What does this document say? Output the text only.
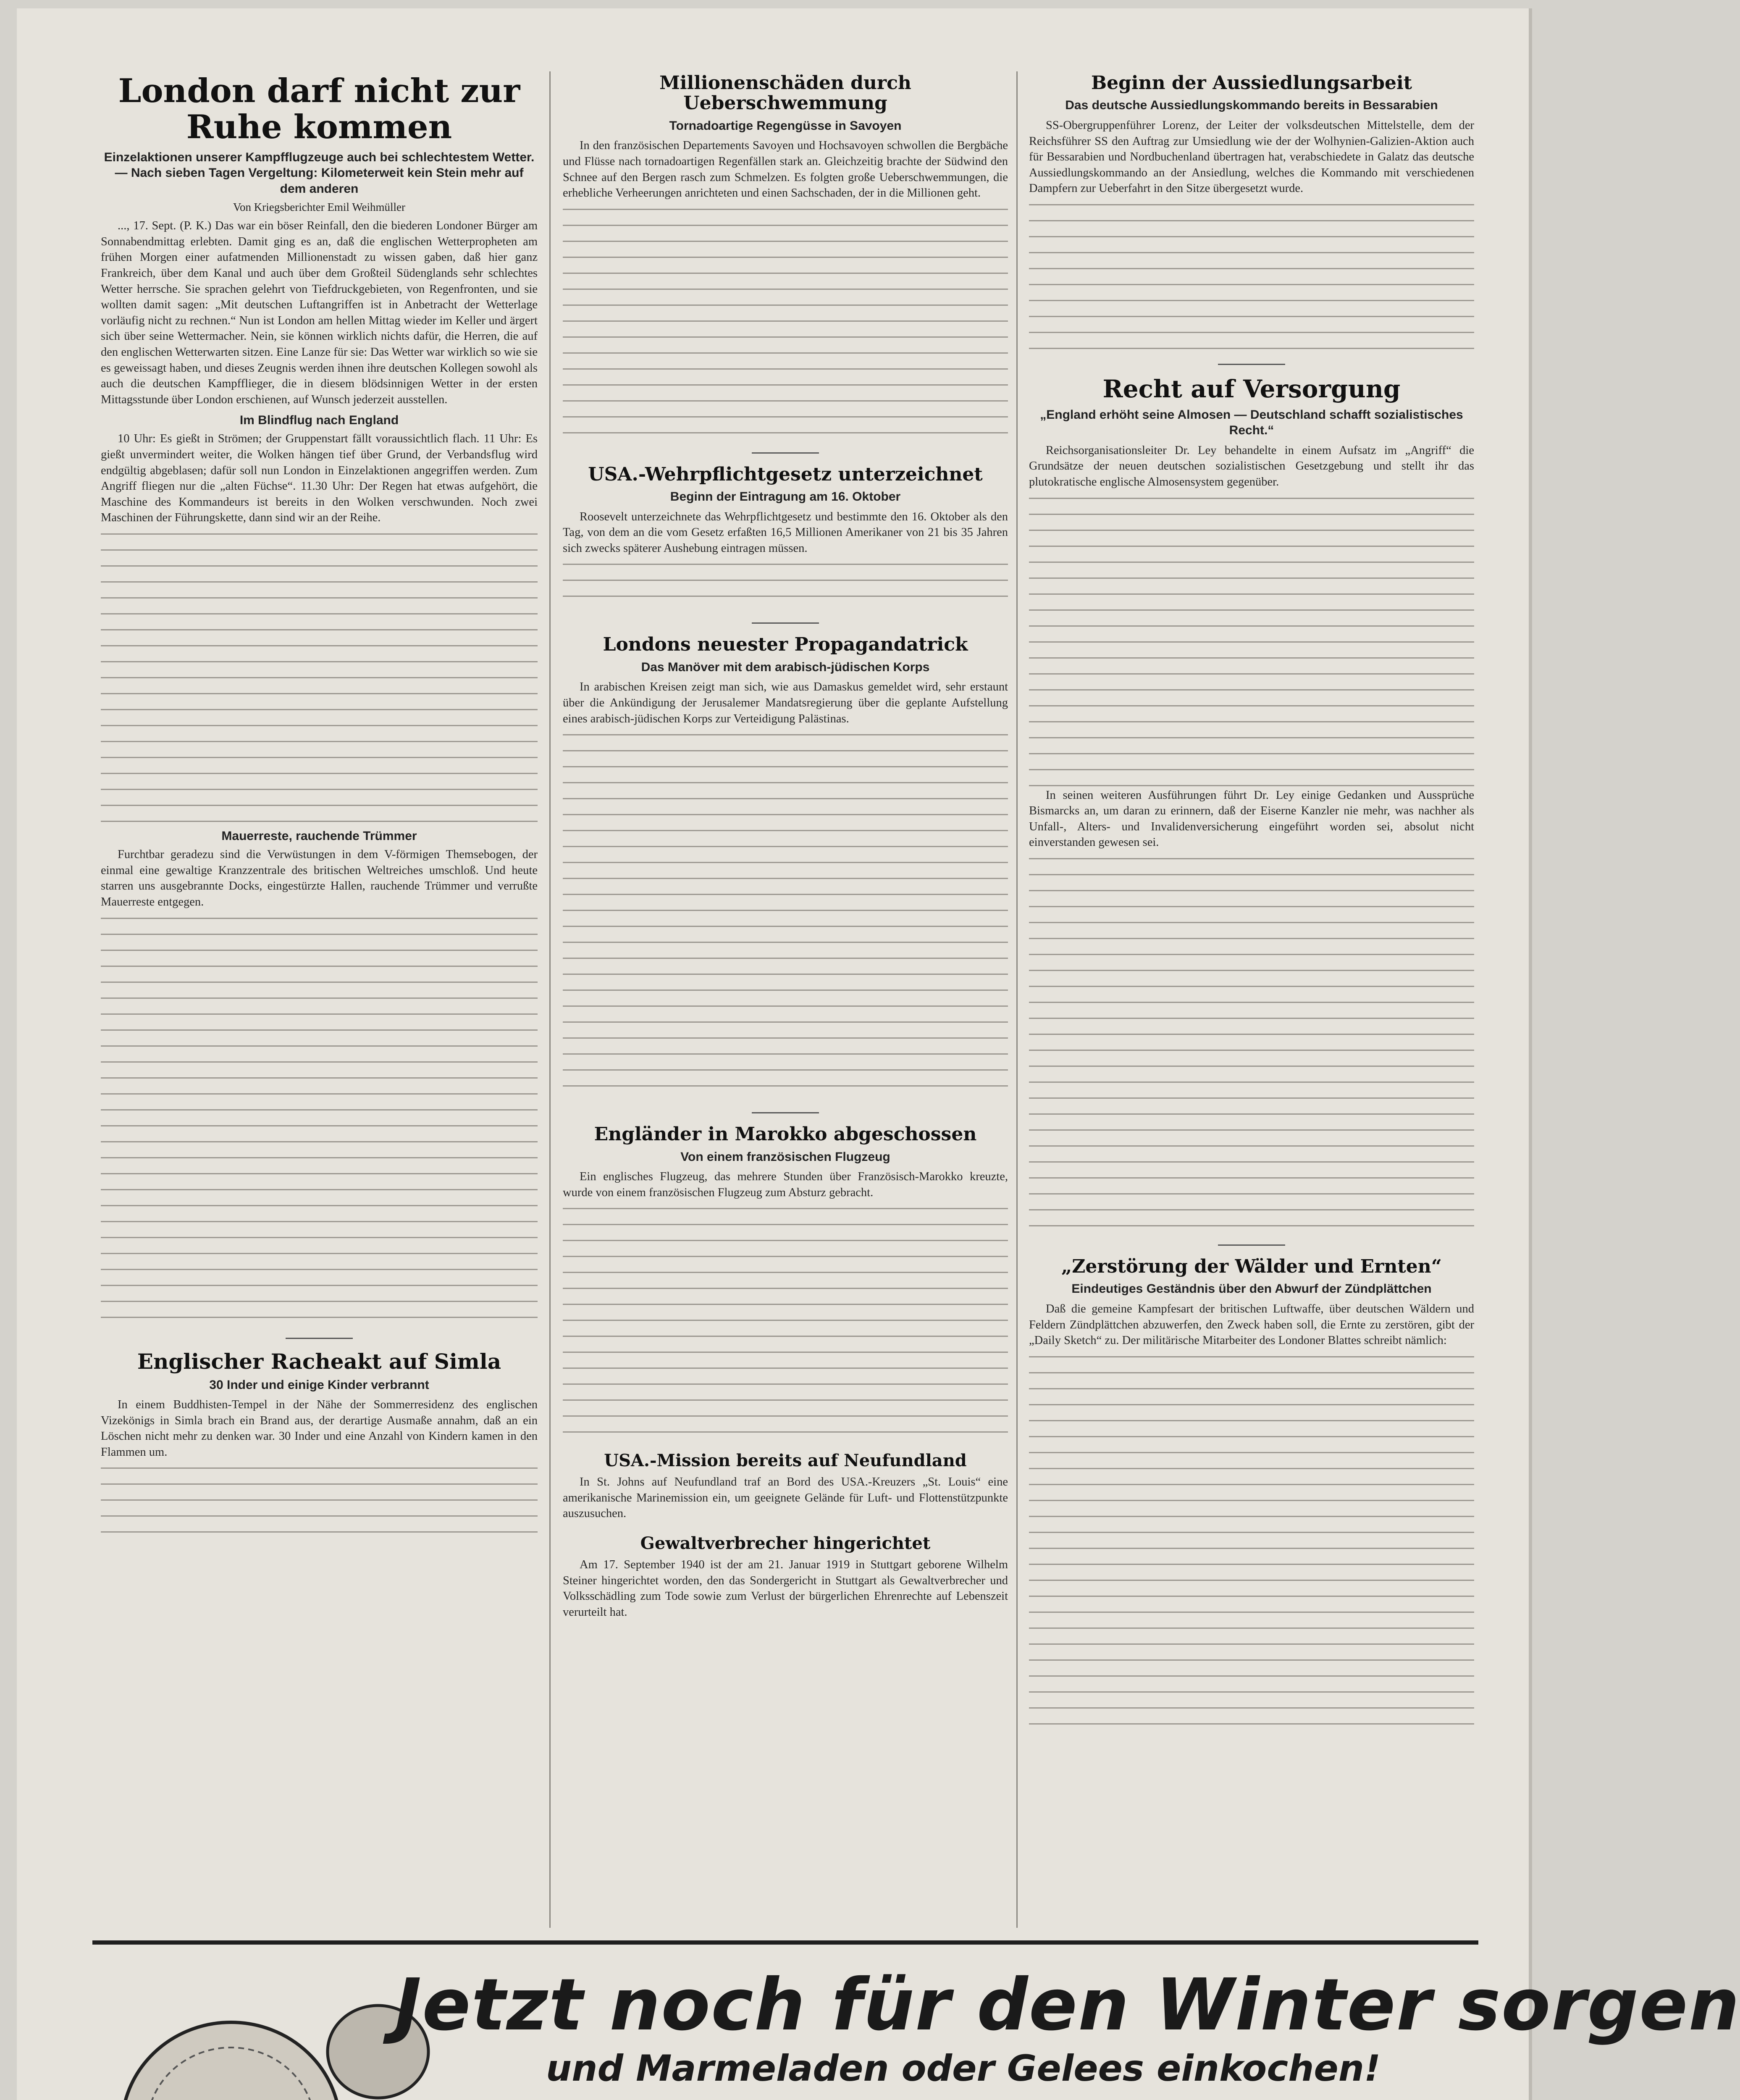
London darf nicht zur Ruhe kommen
Einzelaktionen unserer Kampfflugzeuge auch bei schlechtestem Wetter. — Nach sieben Tagen Vergeltung: Kilometerweit kein Stein mehr auf dem anderen
Von Kriegsberichter Emil Weihmüller

..., 17. Sept. (P. K.) Das war ein böser Reinfall, den die biederen Londoner Bürger am Sonnabendmittag erlebten. Damit ging es an, daß die englischen Wetterpropheten am frühen Morgen einer aufatmenden Millionenstadt zu wissen gaben, daß hier ganz Frankreich, über dem Kanal und auch über dem Großteil Südenglands sehr schlechtes Wetter herrsche. Sie sprachen gelehrt von Tiefdruckgebieten, von Regenfronten, und sie wollten damit sagen: „Mit deutschen Luftangriffen ist in Anbetracht der Wetterlage vorläufig nicht zu rechnen.“ Nun ist London am hellen Mittag wieder im Keller und ärgert sich über seine Wettermacher. Nein, sie können wirklich nichts dafür, die Herren, die auf den englischen Wetterwarten sitzen. Eine Lanze für sie: Das Wetter war wirklich so wie sie es geweissagt haben, und dieses Zeugnis werden ihnen ihre deutschen Kollegen sowohl als auch die deutschen Kampfflieger, die in diesem blödsinnigen Wetter in der ersten Mittagsstunde über London erschienen, auf Wunsch jederzeit ausstellen.

Im Blindflug nach England

10 Uhr: Es gießt in Strömen; der Gruppenstart fällt voraussichtlich flach. 11 Uhr: Es gießt unvermindert weiter, die Wolken hängen tief über Grund, der Verbandsflug wird endgültig abgeblasen; dafür soll nun London in Einzelaktionen angegriffen werden. Zum Angriff fliegen nur die „alten Füchse“. 11.30 Uhr: Der Regen hat etwas aufgehört, die Maschine des Kommandeurs ist bereits in den Wolken verschwunden. Noch zwei Maschinen der Führungskette, dann sind wir an der Reihe.

Mauerreste, rauchende Trümmer

Furchtbar geradezu sind die Verwüstungen in dem V-förmigen Themsebogen, der einmal eine gewaltige Kranzzentrale des britischen Weltreiches umschloß. Und heute starren uns ausgebrannte Docks, eingestürzte Hallen, rauchende Trümmer und verrußte Mauerreste entgegen.

Englischer Racheakt auf Simla
30 Inder und einige Kinder verbrannt

In einem Buddhisten-Tempel in der Nähe der Sommerresidenz des englischen Vizekönigs in Simla brach ein Brand aus, der derartige Ausmaße annahm, daß an ein Löschen nicht mehr zu denken war. 30 Inder und eine Anzahl von Kindern kamen in den Flammen um.

Millionenschäden durch Ueberschwemmung
Tornadoartige Regengüsse in Savoyen

In den französischen Departements Savoyen und Hochsavoyen schwollen die Bergbäche und Flüsse nach tornadoartigen Regenfällen stark an. Gleichzeitig brachte der Südwind den Schnee auf den Bergen rasch zum Schmelzen. Es folgten große Ueberschwemmungen, die erhebliche Verheerungen anrichteten und einen Sachschaden, der in die Millionen geht.

USA.-Wehrpflichtgesetz unterzeichnet
Beginn der Eintragung am 16. Oktober

Roosevelt unterzeichnete das Wehrpflichtgesetz und bestimmte den 16. Oktober als den Tag, von dem an die vom Gesetz erfaßten 16,5 Millionen Amerikaner von 21 bis 35 Jahren sich zwecks späterer Aushebung eintragen müssen.

Londons neuester Propagandatrick
Das Manöver mit dem arabisch-jüdischen Korps

In arabischen Kreisen zeigt man sich, wie aus Damaskus gemeldet wird, sehr erstaunt über die Ankündigung der Jerusalemer Mandatsregierung über die geplante Aufstellung eines arabisch-jüdischen Korps zur Verteidigung Palästinas.

Engländer in Marokko abgeschossen
Von einem französischen Flugzeug

Ein englisches Flugzeug, das mehrere Stunden über Französisch-Marokko kreuzte, wurde von einem französischen Flugzeug zum Absturz gebracht.

USA.-Mission bereits auf Neufundland

In St. Johns auf Neufundland traf an Bord des USA.-Kreuzers „St. Louis“ eine amerikanische Marinemission ein, um geeignete Gelände für Luft- und Flottenstützpunkte auszusuchen.

Gewaltverbrecher hingerichtet

Am 17. September 1940 ist der am 21. Januar 1919 in Stuttgart geborene Wilhelm Steiner hingerichtet worden, den das Sondergericht in Stuttgart als Gewaltverbrecher und Volksschädling zum Tode sowie zum Verlust der bürgerlichen Ehrenrechte auf Lebenszeit verurteilt hat.

Beginn der Aussiedlungsarbeit
Das deutsche Aussiedlungskommando bereits in Bessarabien

SS-Obergruppenführer Lorenz, der Leiter der volksdeutschen Mittelstelle, dem der Reichsführer SS den Auftrag zur Umsiedlung wie der der Wolhynien-Galizien-Aktion auch für Bessarabien und Nordbuchenland übertragen hat, verabschiedete in Galatz das deutsche Aussiedlungskommando an der Ansiedlung, welches die Kommando mit verschiedenen Dampfern zur Ueberfahrt in den Sitze übergesetzt wurde.

Recht auf Versorgung
„England erhöht seine Almosen — Deutschland schafft sozialistisches Recht.“

Reichsorganisationsleiter Dr. Ley behandelte in einem Aufsatz im „Angriff“ die Grundsätze der neuen deutschen sozialistischen Gesetzgebung und stellt ihr das plutokratische englische Almosensystem gegenüber.

In seinen weiteren Ausführungen führt Dr. Ley einige Gedanken und Aussprüche Bismarcks an, um daran zu erinnern, daß der Eiserne Kanzler nie mehr, was nachher als Unfall-, Alters- und Invalidenversicherung eingeführt worden sei, absolut nicht einverstanden gewesen sei.

„Zerstörung der Wälder und Ernten“
Eindeutiges Geständnis über den Abwurf der Zündplättchen

Daß die gemeine Kampfesart der britischen Luftwaffe, über deutschen Wäldern und Feldern Zündplättchen abzuwerfen, den Zweck haben soll, die Ernte zu zerstören, gibt der „Daily Sketch“ zu. Der militärische Mitarbeiter des Londoner Blattes schreibt nämlich:

Jetzt noch für den Winter sorgen
und Marmeladen oder Gelees einkochen!
